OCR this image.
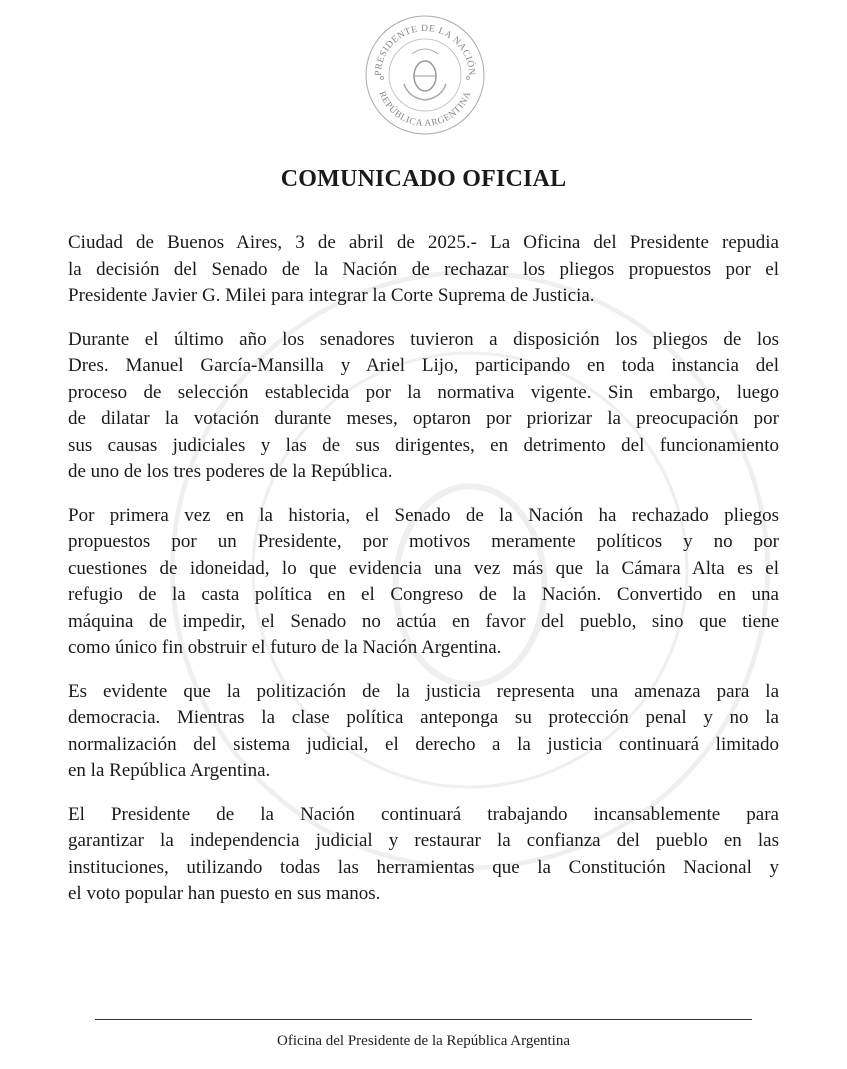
PRESIDENTE DE LA NACIÓN
REPÚBLICA ARGENTINA
COMUNICADO OFICIAL

Ciudad de Buenos Aires, 3 de abril de 2025.- La Oficina del Presidente repudia
la decisión del Senado de la Nación de rechazar los pliegos propuestos por el
Presidente Javier G. Milei para integrar la Corte Suprema de Justicia.

Durante el último año los senadores tuvieron a disposición los pliegos de los
Dres. Manuel García-Mansilla y Ariel Lijo, participando en toda instancia del
proceso de selección establecida por la normativa vigente. Sin embargo, luego
de dilatar la votación durante meses, optaron por priorizar la preocupación por
sus causas judiciales y las de sus dirigentes, en detrimento del funcionamiento
de uno de los tres poderes de la República.

Por primera vez en la historia, el Senado de la Nación ha rechazado pliegos
propuestos por un Presidente, por motivos meramente políticos y no por
cuestiones de idoneidad, lo que evidencia una vez más que la Cámara Alta es el
refugio de la casta política en el Congreso de la Nación. Convertido en una
máquina de impedir, el Senado no actúa en favor del pueblo, sino que tiene
como único fin obstruir el futuro de la Nación Argentina.

Es evidente que la politización de la justicia representa una amenaza para la
democracia. Mientras la clase política anteponga su protección penal y no la
normalización del sistema judicial, el derecho a la justicia continuará limitado
en la República Argentina.

El Presidente de la Nación continuará trabajando incansablemente para
garantizar la independencia judicial y restaurar la confianza del pueblo en las
instituciones, utilizando todas las herramientas que la Constitución Nacional y
el voto popular han puesto en sus manos.

Oficina del Presidente de la República Argentina
